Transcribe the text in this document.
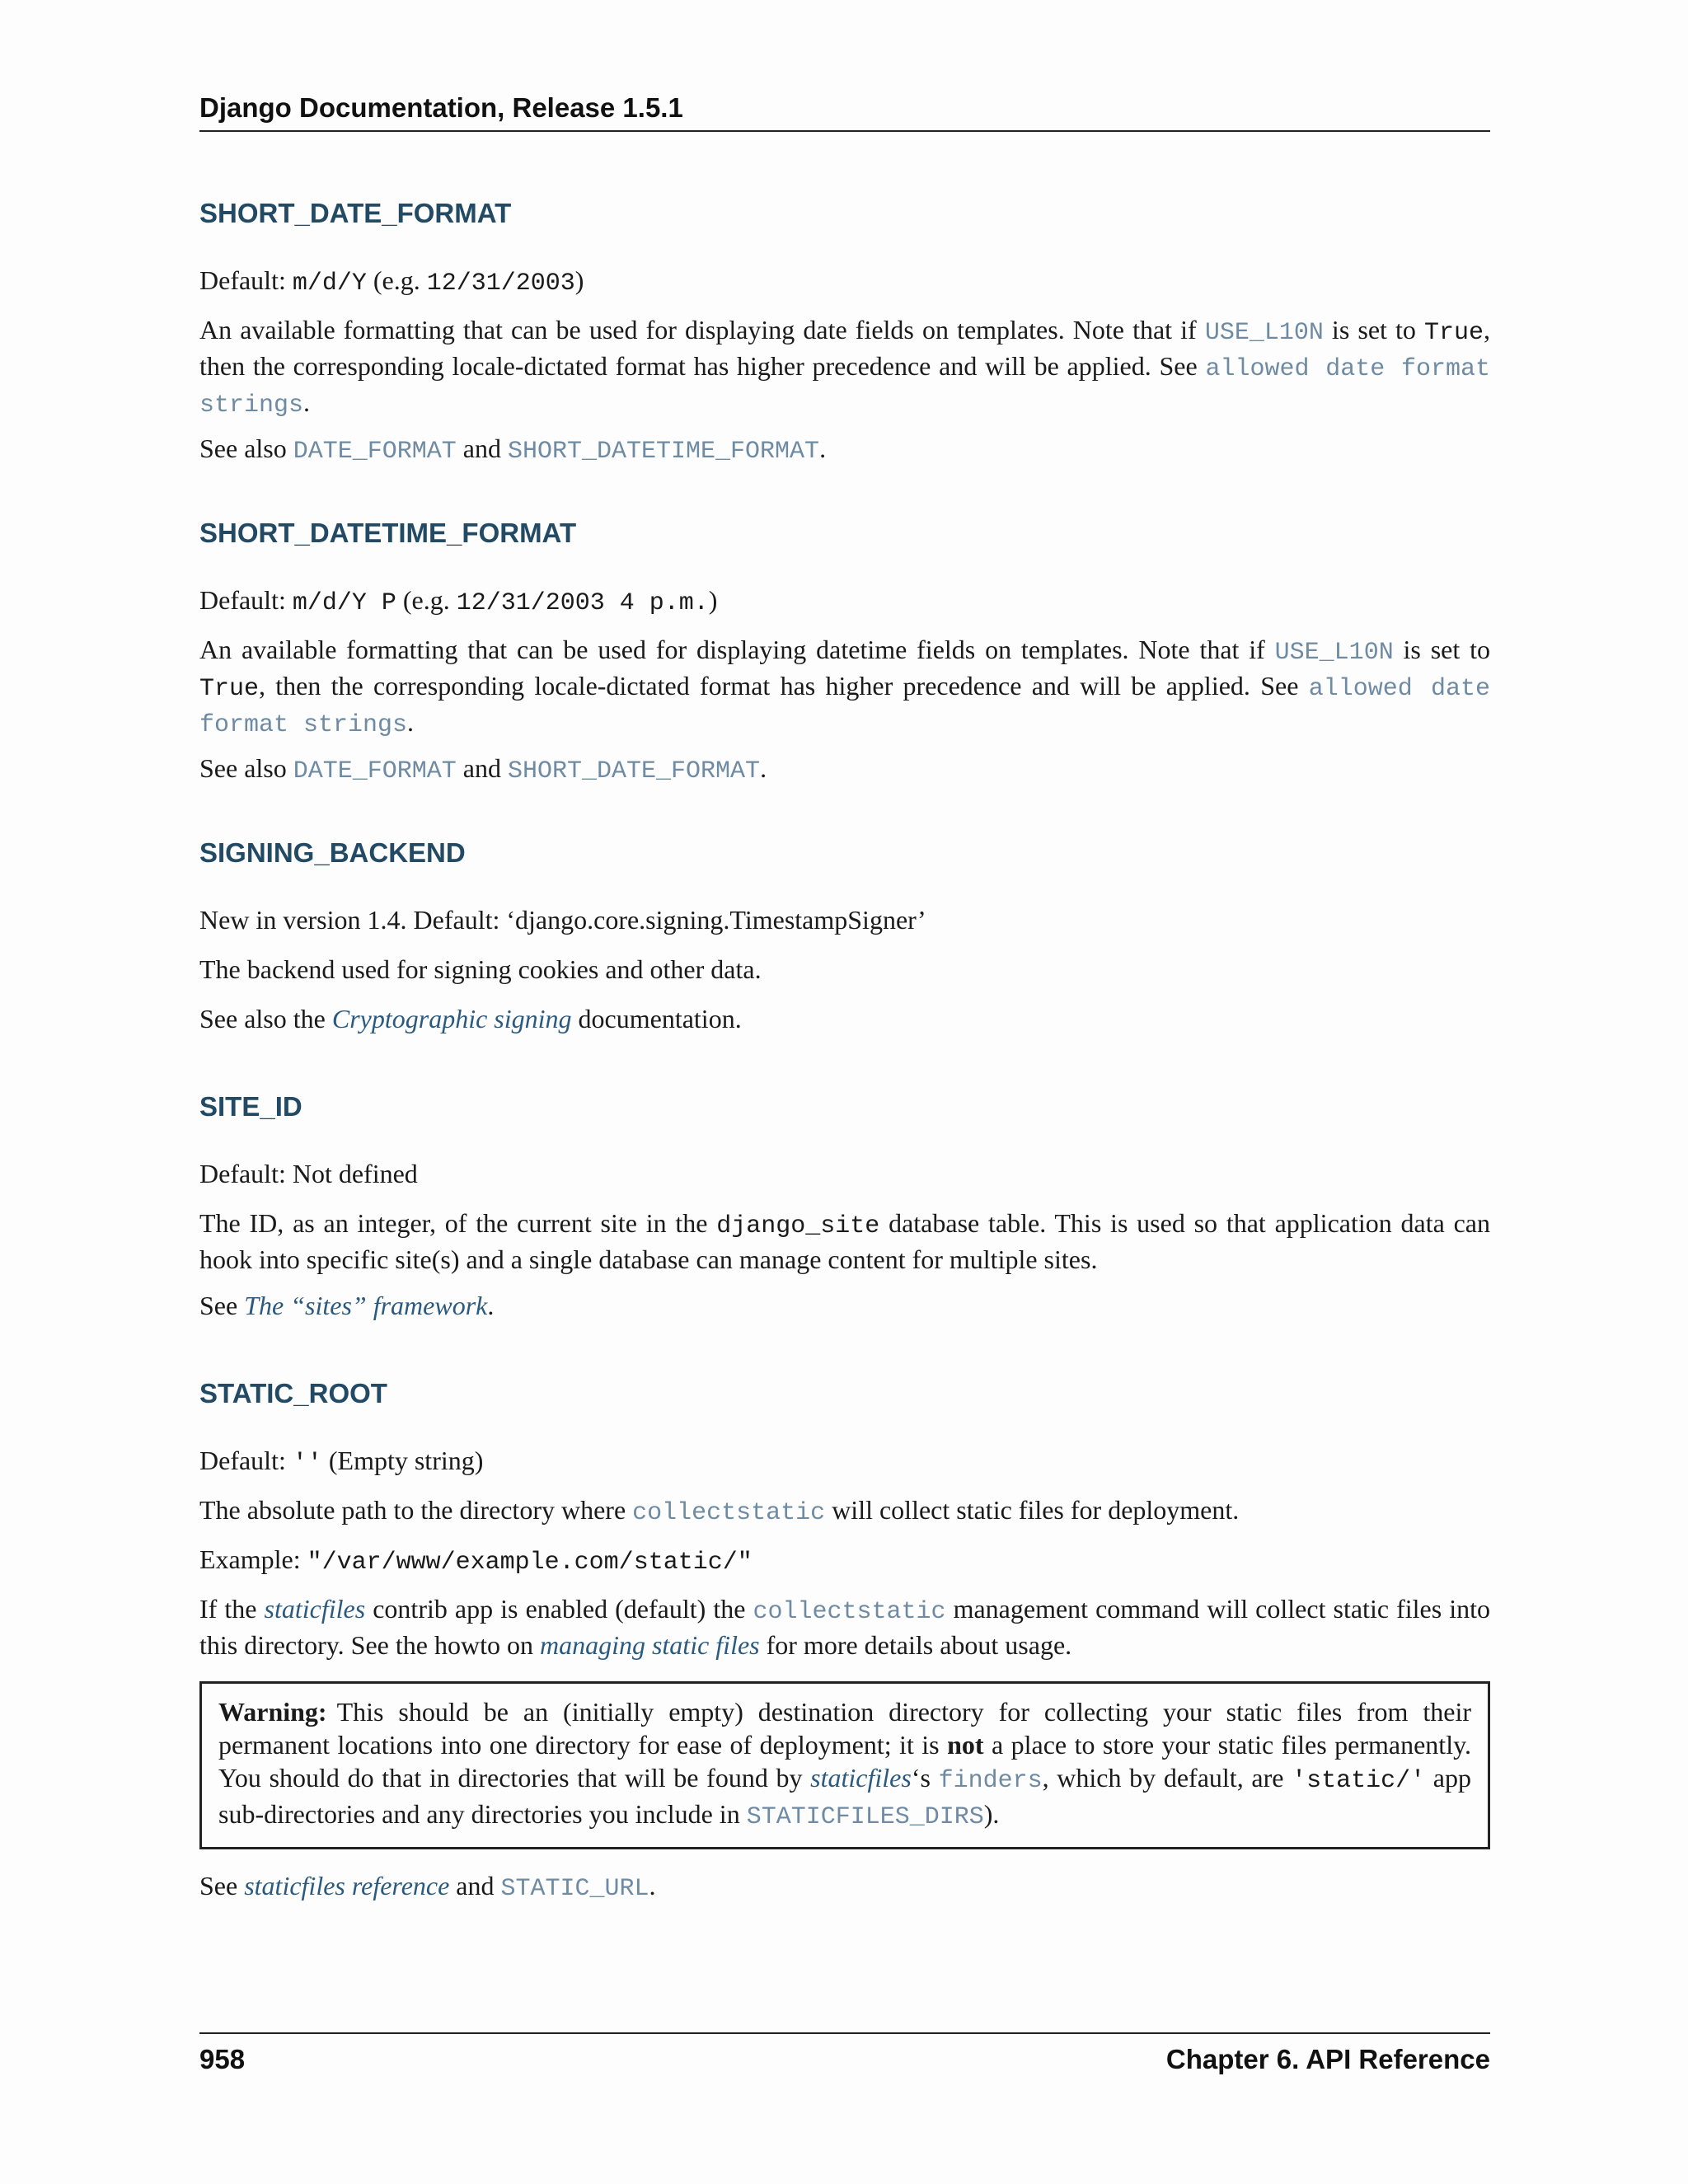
Django Documentation, Release 1.5.1
SHORT_DATE_FORMAT

Default: m/d/Y (e.g. 12/31/2003)

An available formatting that can be used for displaying date fields on templates. Note that if USE_L10N is set to True, then the corresponding locale-dictated format has higher precedence and will be applied. See allowed date format strings.

See also DATE_FORMAT and SHORT_DATETIME_FORMAT.

SHORT_DATETIME_FORMAT

Default: m/d/Y P (e.g. 12/31/2003 4 p.m.)

An available formatting that can be used for displaying datetime fields on templates. Note that if USE_L10N is set to True, then the corresponding locale-dictated format has higher precedence and will be applied. See allowed date format strings.

See also DATE_FORMAT and SHORT_DATE_FORMAT.

SIGNING_BACKEND

New in version 1.4. Default: ‘django.core.signing.TimestampSigner’

The backend used for signing cookies and other data.

See also the Cryptographic signing documentation.

SITE_ID

Default: Not defined

The ID, as an integer, of the current site in the django_site database table. This is used so that application data can hook into specific site(s) and a single database can manage content for multiple sites.

See The “sites” framework.

STATIC_ROOT

Default: '' (Empty string)

The absolute path to the directory where collectstatic will collect static files for deployment.

Example: "/var/www/example.com/static/"

If the staticfiles contrib app is enabled (default) the collectstatic management command will collect static files into this directory. See the howto on managing static files for more details about usage.

Warning: This should be an (initially empty) destination directory for collecting your static files from their permanent locations into one directory for ease of deployment; it is not a place to store your static files permanently. You should do that in directories that will be found by staticfiles‘s finders, which by default, are 'static/' app sub-directories and any directories you include in STATICFILES_DIRS).

See staticfiles reference and STATIC_URL.

958	Chapter 6. API Reference
